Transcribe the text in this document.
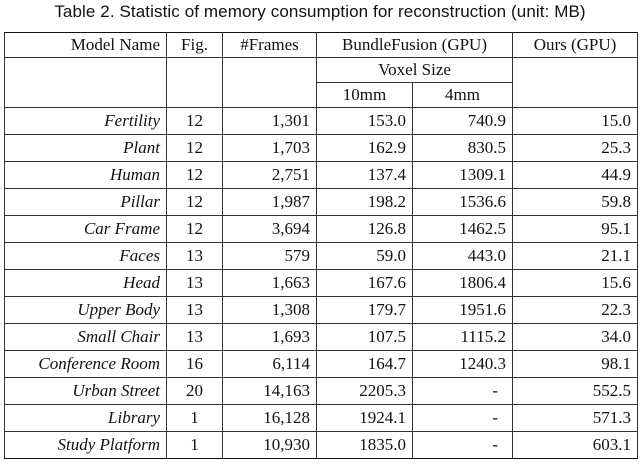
Table 2. Statistic of memory consumption for reconstruction (unit: MB)
Model Name	Fig.	#Frames	BundleFusion (GPU)		Ours (GPU)
			Voxel Size		
			10mm	4mm	
Fertility	12	1,301	153.0	740.9	15.0
Plant	12	1,703	162.9	830.5	25.3
Human	12	2,751	137.4	1309.1	44.9
Pillar	12	1,987	198.2	1536.6	59.8
Car Frame	12	3,694	126.8	1462.5	95.1
Faces	13	579	59.0	443.0	21.1
Head	13	1,663	167.6	1806.4	15.6
Upper Body	13	1,308	179.7	1951.6	22.3
Small Chair	13	1,693	107.5	1115.2	34.0
Conference Room	16	6,114	164.7	1240.3	98.1
Urban Street	20	14,163	2205.3	-	552.5
Library	1	16,128	1924.1	-	571.3
Study Platform	1	10,930	1835.0	-	603.1
